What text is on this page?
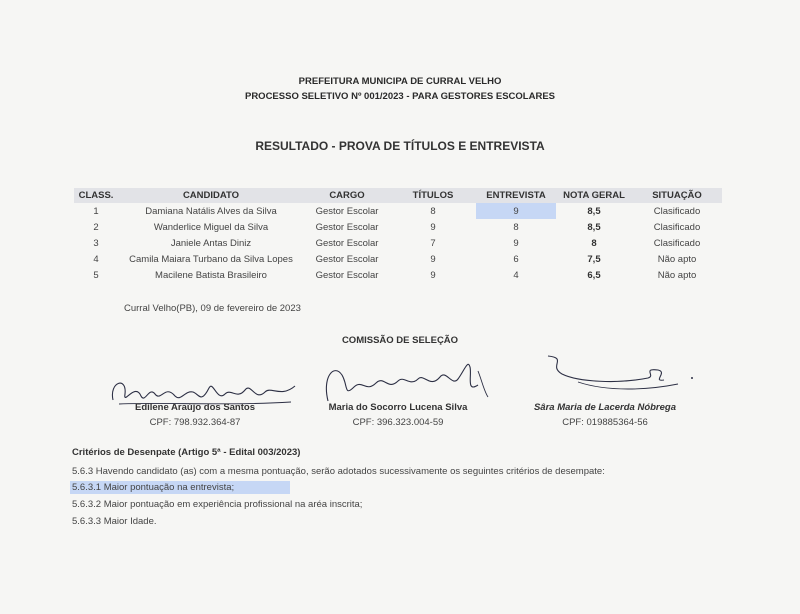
PREFEITURA MUNICIPA DE CURRAL VELHO
PROCESSO SELETIVO Nº 001/2023 - PARA GESTORES ESCOLARES
RESULTADO - PROVA DE TÍTULOS E ENTREVISTA
CLASS.	CANDIDATO	CARGO	TÍTULOS	ENTREVISTA	NOTA GERAL	SITUAÇÃO
1	Damiana Natális Alves da Silva	Gestor Escolar	8	9	8,5	Clasificado
2	Wanderlice Miguel da Silva	Gestor Escolar	9	8	8,5	Clasificado
3	Janiele Antas Diniz	Gestor Escolar	7	9	8	Clasificado
4	Camila Maiara Turbano da Silva Lopes	Gestor Escolar	9	6	7,5	Não apto
5	Macilene Batista Brasileiro	Gestor Escolar	9	4	6,5	Não apto
Curral Velho(PB), 09 de fevereiro de 2023
COMISSÃO DE SELEÇÃO
Edilene Araújo dos Santos
CPF: 798.932.364-87
Maria do Socorro Lucena Silva
CPF: 396.323.004-59
Sâra Maria de Lacerda Nóbrega
CPF: 019885364-56
Critérios de Desenpate (Artigo 5ª - Edital 003/2023)
5.6.3 Havendo candidato (as) com a mesma pontuação, serão adotados sucessivamente os seguintes critérios de desempate:
5.6.3.1 Maior pontuação na entrevista;
5.6.3.2 Maior pontuação em experiência profissional na aréa inscrita;
5.6.3.3 Maior Idade.
